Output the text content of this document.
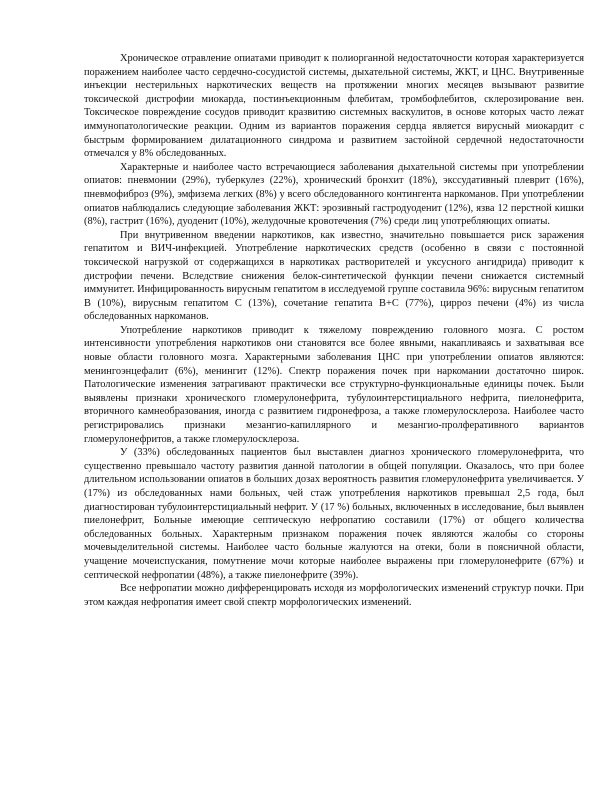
Хроническое отравление опиатами приводит к полиорганной недостаточности которая характеризуется поражением наиболее часто сердечно-сосудистой системы, дыхательной системы, ЖКТ, и ЦНС. Внутривенные инъекции нестерильных наркотических веществ на протяжении многих месяцев вызывают развитие токсической дистрофии миокарда, постинъекционным флебитам, тромбофлебитов, склерозирование вен. Токсическое повреждение сосудов приводит кразвитию системных васкулитов, в основе которых часто лежат иммунопатологические реакции. Одним из вариантов поражения сердца является вирусный миокардит с быстрым формированием дилатационного синдрома и развитием застойной сердечной недостаточности отмечался у 8% обследованных.

Характерные и наиболее часто встречающиеся заболевания дыхательной системы при употреблении опиатов: пневмонии (29%), туберкулез (22%), хронический бронхит (18%), экссудативный плеврит (16%), пневмофиброз (9%), эмфизема легких (8%) у всего обследованного контингента наркоманов. При употреблении опиатов наблюдались следующие заболевания ЖКТ: эрозивный гастродуоденит (12%), язва 12 перстной кишки (8%), гастрит (16%), дуоденит (10%), желудочные кровотечения (7%) среди лиц употребляющих опиаты.

При внутривенном введении наркотиков, как известно, значительно повышается риск заражения гепатитом и ВИЧ-инфекцией. Употребление наркотических средств (особенно в связи с постоянной токсической нагрузкой от содержащихся в наркотиках растворителей и уксусного ангидрида) приводит к дистрофии печени. Вследствие снижения белок-синтетической функции печени снижается системный иммунитет. Инфицированность вирусным гепатитом в исследуемой группе составила 96%: вирусным гепатитом В (10%), вирусным гепатитом С (13%), сочетание гепатита В+С (77%), цирроз печени (4%) из числа обследованных наркоманов.

Употребление наркотиков приводит к тяжелому повреждению головного мозга. С ростом интенсивности употребления наркотиков они становятся все более явными, накапливаясь и захватывая все новые области головного мозга. Характерными заболевания ЦНС при употреблении опиатов являются: менингоэнцефалит (6%), менингит (12%). Спектр поражения почек при наркомании достаточно широк. Патологические изменения затрагивают практически все структурно-функциональные единицы почек. Были выявлены признаки хронического гломерулонефрита, тубулоинтерстициального нефрита, пиелонефрита, вторичного камнеобразования, иногда с развитием гидронефроза, а также гломерулосклероза. Наиболее часто регистрировались признаки мезангио-капиллярного и мезангио-пролферативного вариантов гломерулонефритов, а также гломерулосклероза.

У (33%) обследованных пациентов был выставлен диагноз хронического гломерулонефрита, что существенно превышало частоту развития данной патологии в общей популяции. Оказалось, что при более длительном использовании опиатов в больших дозах вероятность развития гломерулонефрита увеличивается. У (17%) из обследованных нами больных, чей стаж употребления наркотиков превышал 2,5 года, был диагностирован тубулоинтерстициальный нефрит. У (17 %) больных, включенных в исследование, был выявлен пиелонефрит, Больные имеющие септическую нефропатию составили (17%) от общего количества обследованных больных. Характерным признаком поражения почек являются жалобы со стороны мочевыделительной системы. Наиболее часто больные жалуются на отеки, боли в поясничной области, учащение мочеиспускания, помутнение мочи которые наиболее выражены при гломерулонефрите (67%) и септической нефропатии (48%), а также пиелонефрите (39%).

Все нефропатии можно дифференцировать исходя из морфологических изменений структур почки. При этом каждая нефропатия имеет свой спектр морфологических изменений.
